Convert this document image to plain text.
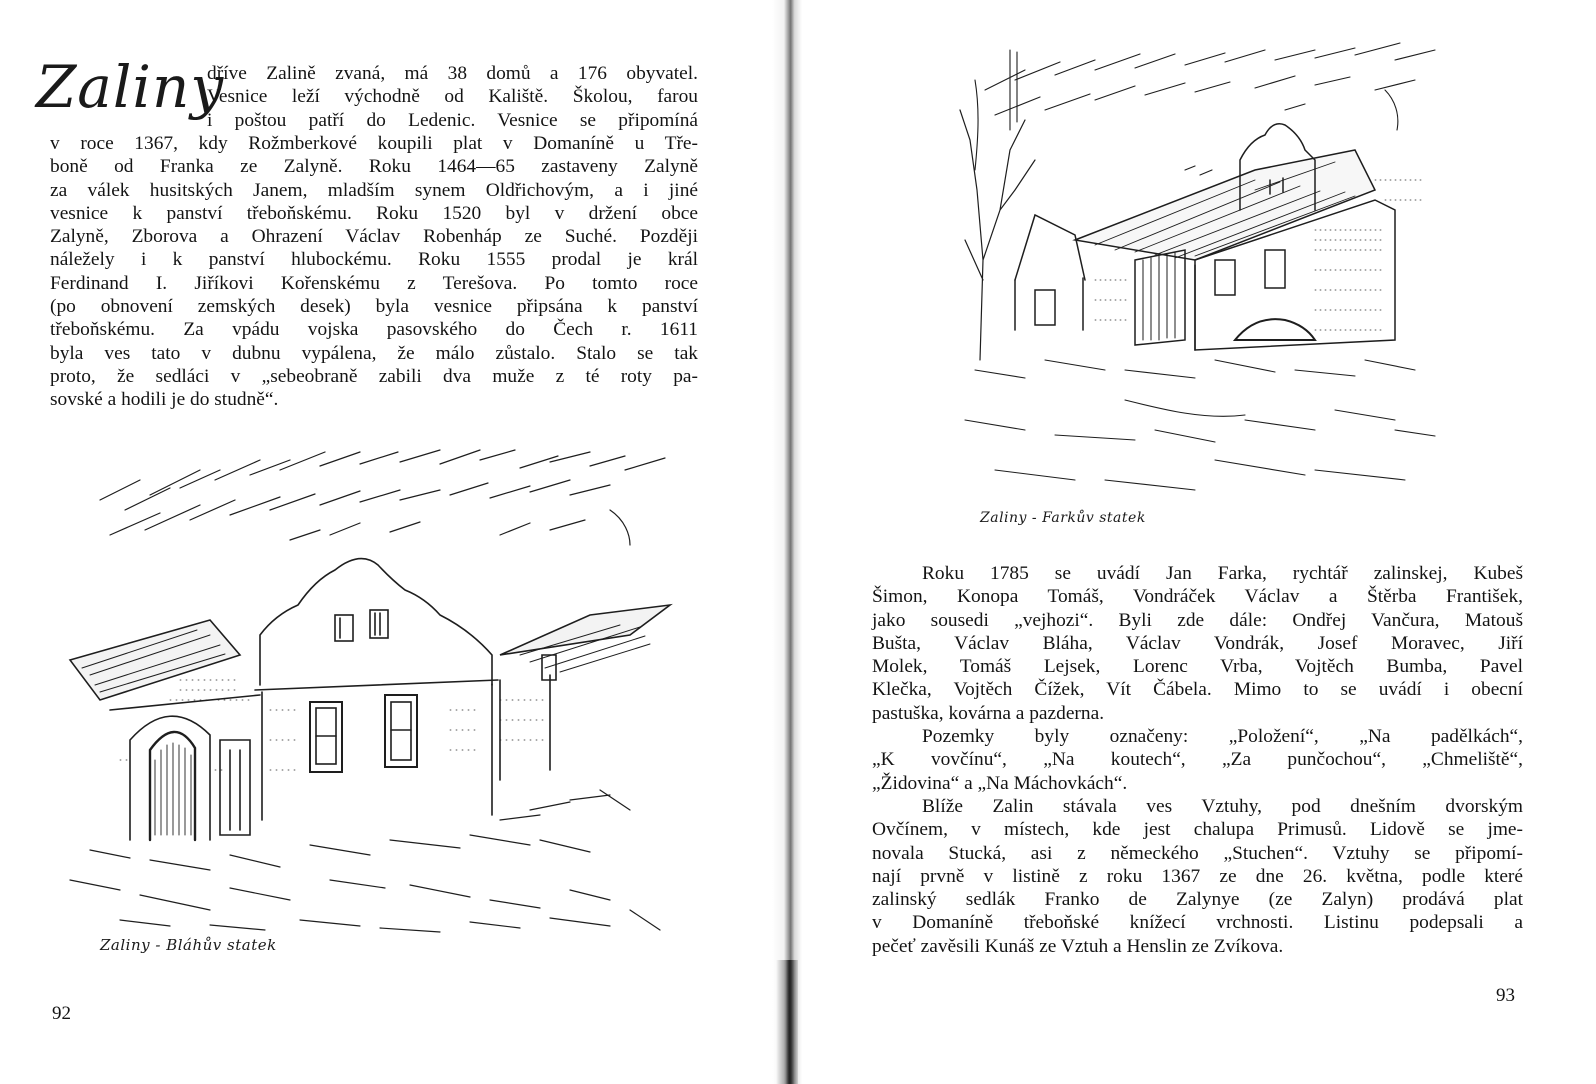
Zaliny
dříve Zalině zvaná, má 38 domů a 176 obyvatel.
Vesnice leží východně od Kaliště. Školou, farou
i poštou patří do Ledenic. Vesnice se připomíná
v roce 1367, kdy Rožmberkové koupili plat v Domaníně u Tře-
boně od Franka ze Zalyně. Roku 1464—65 zastaveny Zalyně
za válek husitských Janem, mladším synem Oldřichovým, a i jiné
vesnice k panství třeboňskému. Roku 1520 byl v držení obce
Zalyně, Zborova a Ohrazení Václav Robenháp ze Suché. Později
náležely i k panství hlubockému. Roku 1555 prodal je král
Ferdinand I. Jiříkovi Kořenskému z Terešova. Po tomto roce
(po obnovení zemských desek) byla vesnice připsána k panství
třeboňskému. Za vpádu vojska pasovského do Čech r. 1611
byla ves tato v dubnu vypálena, že málo zůstalo. Stalo se tak
proto, že sedláci v „sebeobraně zabili dva muže z té roty pa-
sovské a hodili je do studně“.
Zaliny - Bláhův statek
92
Zaliny - Farkův statek
Roku 1785 se uvádí Jan Farka, rychtář zalinskej, Kubeš
Šimon, Konopa Tomáš, Vondráček Václav a Štěrba František,
jako sousedi „vejhozi“. Byli zde dále: Ondřej Vančura, Matouš
Bušta, Václav Bláha, Václav Vondrák, Josef Moravec, Jiří
Molek, Tomáš Lejsek, Lorenc Vrba, Vojtěch Bumba, Pavel
Klečka, Vojtěch Čížek, Vít Čábela. Mimo to se uvádí i obecní
pastuška, kovárna a pazderna.
Pozemky byly označeny: „Položení“, „Na padělkách“,
„K vovčínu“, „Na koutech“, „Za punčochou“, „Chmeliště“,
„Židovina“ a „Na Máchovkách“.
Blíže Zalin stávala ves Vztuhy, pod dnešním dvorským
Ovčínem, v místech, kde jest chalupa Primusů. Lidově se jme-
novala Stucká, asi z německého „Stuchen“. Vztuhy se připomí-
nají prvně v listině z roku 1367 ze dne 26. května, podle které
zalinský sedlák Franko de Zalynye (ze Zalyn) prodává plat
v Domaníně třeboňské knížecí vrchnosti. Listinu podepsali a
pečeť zavěsili Kunáš ze Vztuh a Henslin ze Zvíkova.
93
